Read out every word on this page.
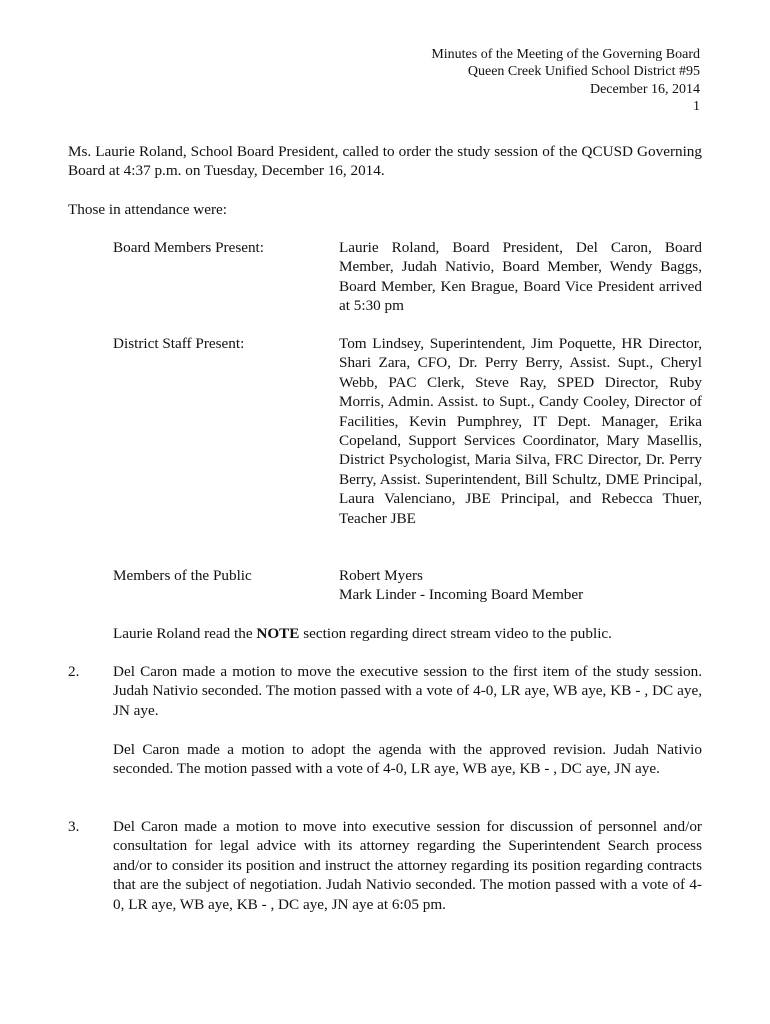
Minutes of the Meeting of the Governing Board
Queen Creek Unified School District #95
December 16, 2014
1
Ms. Laurie Roland, School Board President, called to order the study session of the QCUSD Governing Board at 4:37 p.m. on Tuesday, December 16, 2014.
Those in attendance were:
Board Members Present:	Laurie Roland, Board President, Del Caron, Board Member, Judah Nativio, Board Member, Wendy Baggs, Board Member, Ken Brague, Board Vice President arrived at 5:30 pm
District Staff Present:	Tom Lindsey, Superintendent, Jim Poquette, HR Director, Shari Zara, CFO, Dr. Perry Berry, Assist. Supt., Cheryl Webb, PAC Clerk, Steve Ray, SPED Director, Ruby Morris, Admin. Assist. to Supt., Candy Cooley, Director of Facilities, Kevin Pumphrey, IT Dept. Manager, Erika Copeland, Support Services Coordinator, Mary Masellis, District Psychologist, Maria Silva, FRC Director, Dr. Perry Berry, Assist. Superintendent, Bill Schultz, DME Principal, Laura Valenciano, JBE Principal, and Rebecca Thuer, Teacher JBE
Members of the Public	Robert Myers
Mark Linder - Incoming Board Member
Laurie Roland read the NOTE section regarding direct stream video to the public.
2. Del Caron made a motion to move the executive session to the first item of the study session. Judah Nativio seconded. The motion passed with a vote of 4-0, LR aye, WB aye, KB - , DC aye, JN aye.
Del Caron made a motion to adopt the agenda with the approved revision. Judah Nativio seconded. The motion passed with a vote of 4-0, LR aye, WB aye, KB - , DC aye, JN aye.
3. Del Caron made a motion to move into executive session for discussion of personnel and/or consultation for legal advice with its attorney regarding the Superintendent Search process and/or to consider its position and instruct the attorney regarding its position regarding contracts that are the subject of negotiation. Judah Nativio seconded. The motion passed with a vote of 4-0, LR aye, WB aye, KB - , DC aye, JN aye at 6:05 pm.
